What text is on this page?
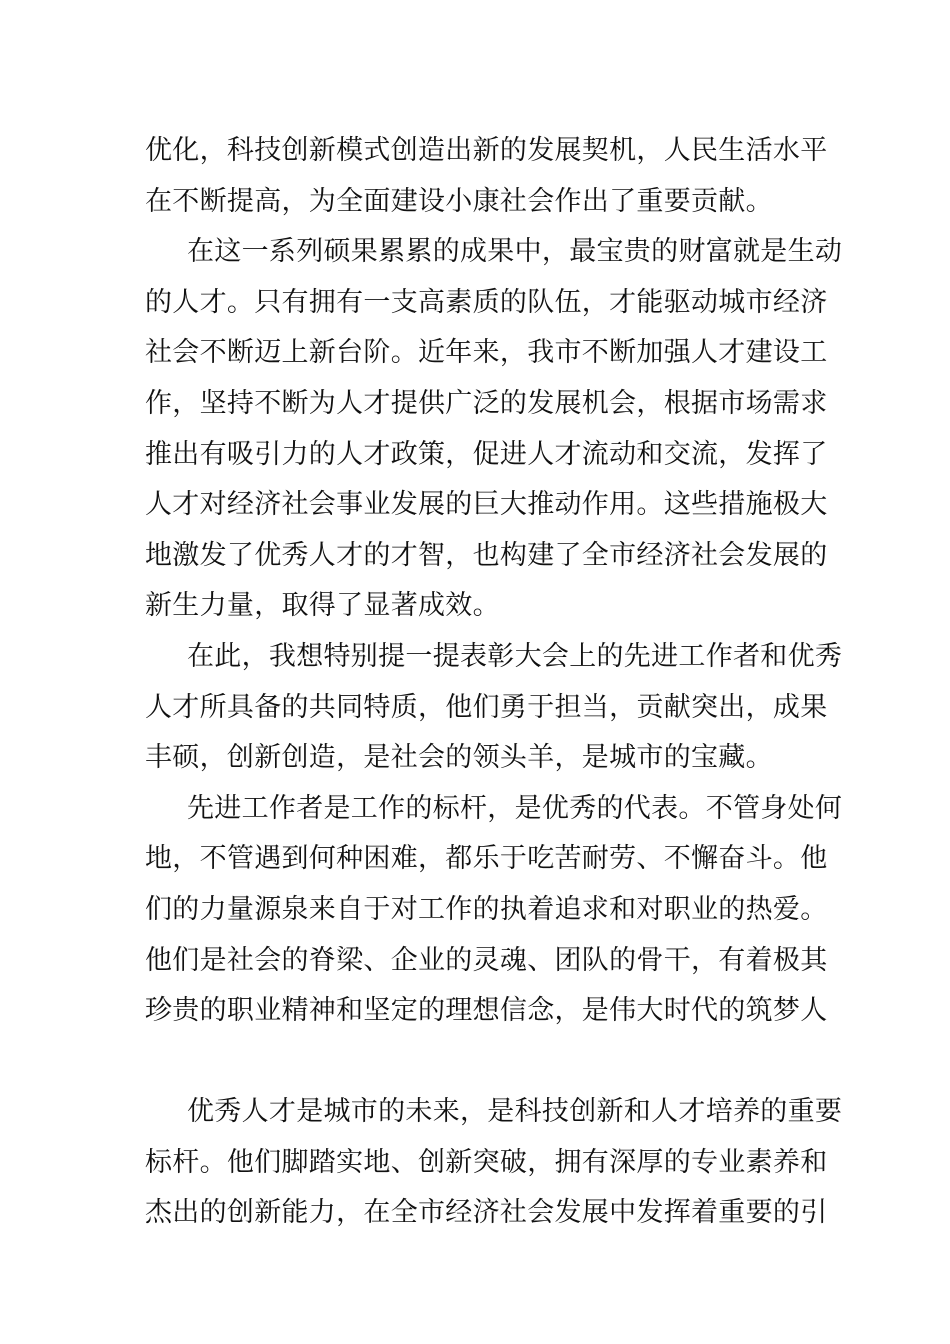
优化，科技创新模式创造出新的发展契机，人民生活水平
在不断提高，为全面建设小康社会作出了重要贡献。
在这一系列硕果累累的成果中，最宝贵的财富就是生动
的人才。只有拥有一支高素质的队伍，才能驱动城市经济
社会不断迈上新台阶。近年来，我市不断加强人才建设工
作，坚持不断为人才提供广泛的发展机会，根据市场需求
推出有吸引力的人才政策，促进人才流动和交流，发挥了
人才对经济社会事业发展的巨大推动作用。这些措施极大
地激发了优秀人才的才智，也构建了全市经济社会发展的
新生力量，取得了显著成效。
在此，我想特别提一提表彰大会上的先进工作者和优秀
人才所具备的共同特质，他们勇于担当，贡献突出，成果
丰硕，创新创造，是社会的领头羊，是城市的宝藏。
先进工作者是工作的标杆，是优秀的代表。不管身处何
地，不管遇到何种困难，都乐于吃苦耐劳、不懈奋斗。他
们的力量源泉来自于对工作的执着追求和对职业的热爱。
他们是社会的脊梁、企业的灵魂、团队的骨干，有着极其
珍贵的职业精神和坚定的理想信念，是伟大时代的筑梦人
优秀人才是城市的未来，是科技创新和人才培养的重要
标杆。他们脚踏实地、创新突破，拥有深厚的专业素养和
杰出的创新能力，在全市经济社会发展中发挥着重要的引
